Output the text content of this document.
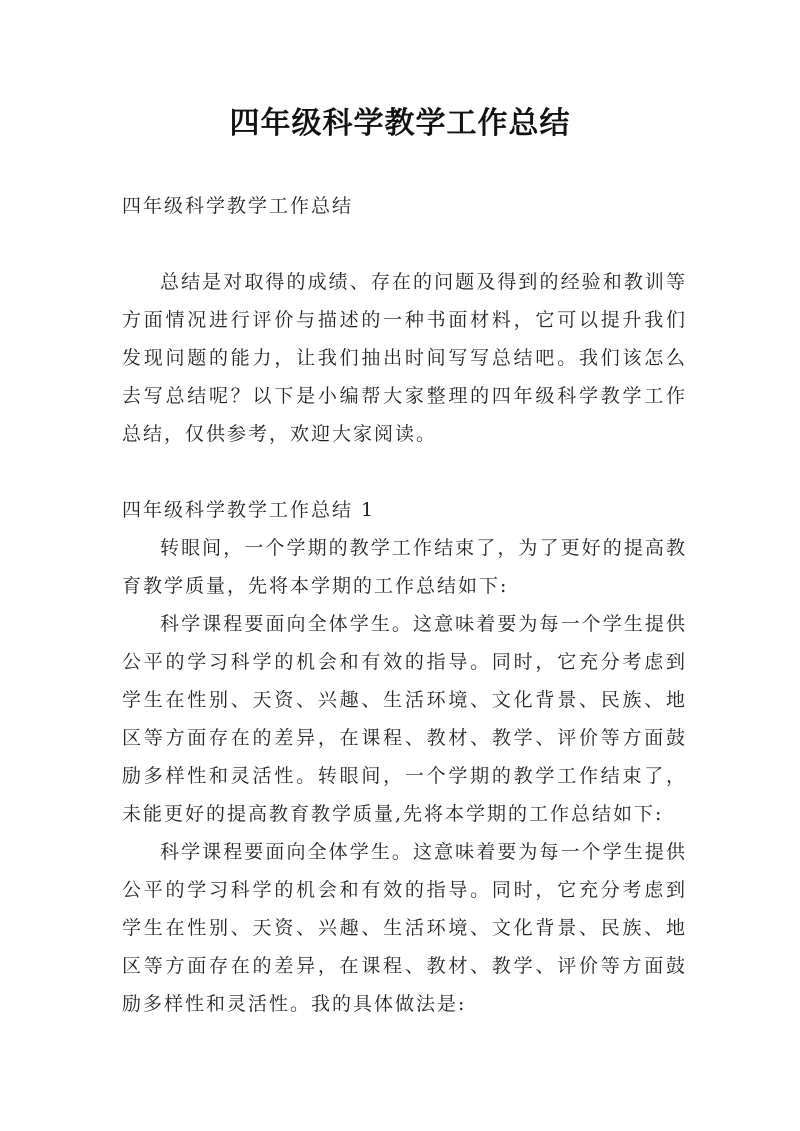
四年级科学教学工作总结
四年级科学教学工作总结
总结是对取得的成绩、存在的问题及得到的经验和教训等方面情况进行评价与描述的一种书面材料，它可以提升我们发现问题的能力，让我们抽出时间写写总结吧。我们该怎么去写总结呢？以下是小编帮大家整理的四年级科学教学工作总结，仅供参考，欢迎大家阅读。

四年级科学教学工作总结 1

转眼间，一个学期的教学工作结束了，为了更好的提高教育教学质量，先将本学期的工作总结如下:

科学课程要面向全体学生。这意味着要为每一个学生提供公平的学习科学的机会和有效的指导。同时，它充分考虑到学生在性别、天资、兴趣、生活环境、文化背景、民族、地区等方面存在的差异，在课程、教材、教学、评价等方面鼓励多样性和灵活性。转眼间，一个学期的教学工作结束了，未能更好的提高教育教学质量,先将本学期的工作总结如下:

科学课程要面向全体学生。这意味着要为每一个学生提供公平的学习科学的机会和有效的指导。同时，它充分考虑到学生在性别、天资、兴趣、生活环境、文化背景、民族、地区等方面存在的差异，在课程、教材、教学、评价等方面鼓励多样性和灵活性。我的具体做法是:
